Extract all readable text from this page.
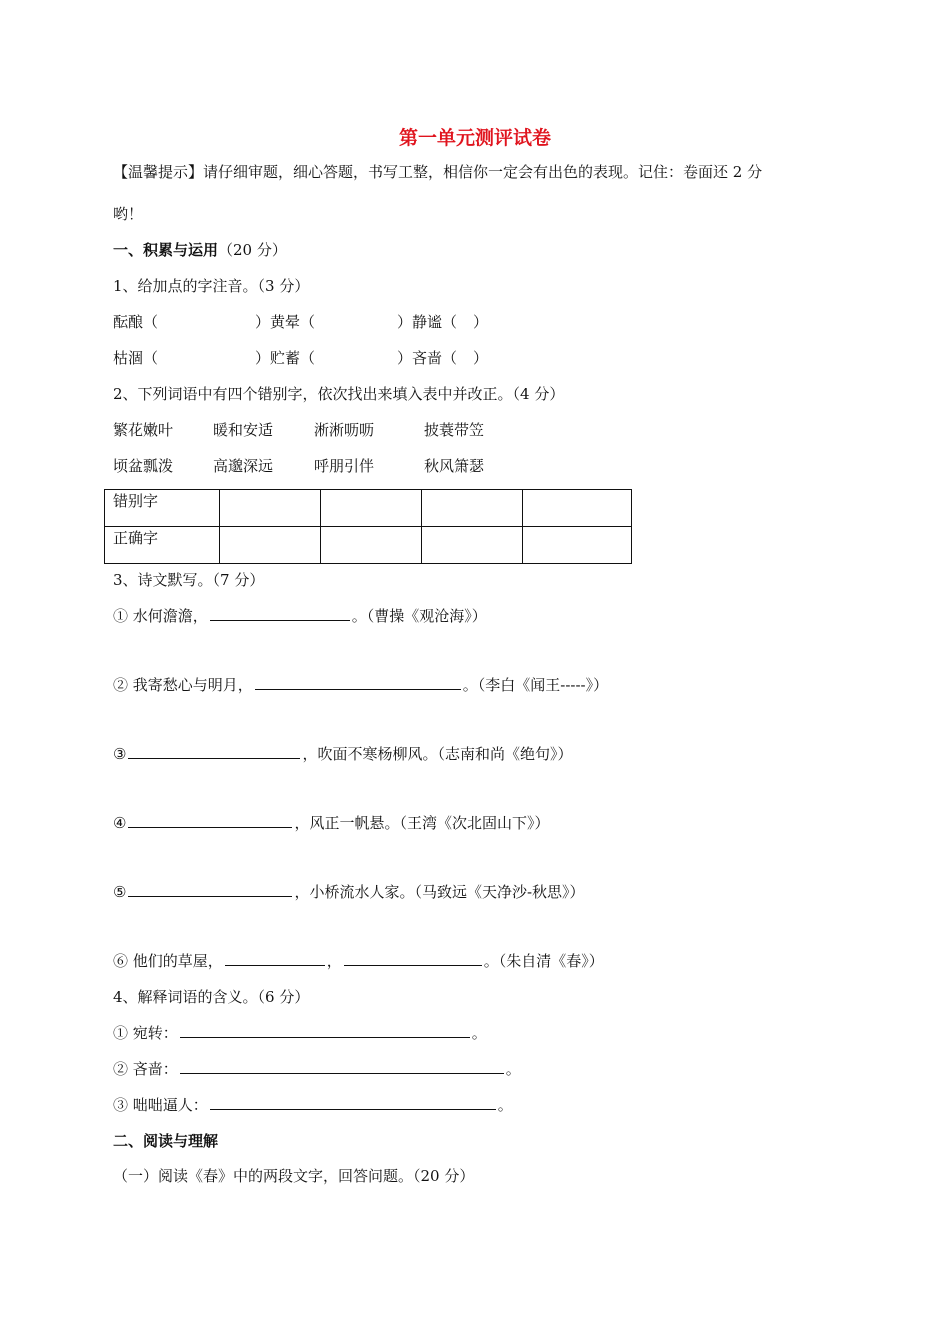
第一单元测评试卷
【温馨提示】请仔细审题，细心答题，书写工整，相信你一定会有出色的表现。记住：卷面还 2 分
哟！
一、积累与运用（20 分）
1、给加点的字注音。（3 分）
酝酿（	）黄晕（	）静谧（ ）
枯涸（	）贮蓄（	）吝啬（ ）
2、下列词语中有四个错别字，依次找出来填入表中并改正。（4 分）
繁花嫩叶	暖和安适	淅淅呖呖	披蓑带笠
顷盆瓢泼	高邈深远	呼朋引伴	秋风箫瑟
错别字				
正确字				
3、诗文默写。（7 分）
① 水何澹澹，	。（曹操《观沧海》）
② 我寄愁心与明月，	。（李白《闻王-----》）
③	，吹面不寒杨柳风。（志南和尚《绝句》）
④	，风正一帆悬。（王湾《次北固山下》）
⑤	，小桥流水人家。（马致远《天净沙-秋思》）
⑥ 他们的草屋，	，	。（朱自清《春》）
4、解释词语的含义。（6 分）
① 宛转：	。
② 吝啬：	。
③ 咄咄逼人：	。
二、阅读与理解
（一）阅读《春》中的两段文字，回答问题。（20 分）
